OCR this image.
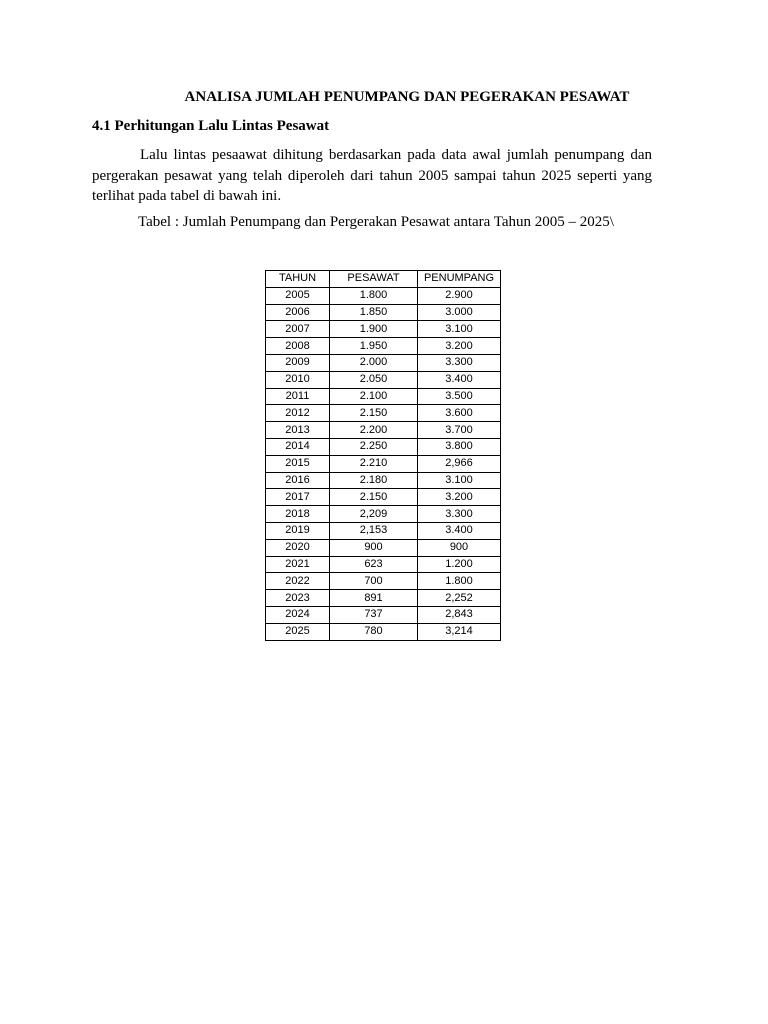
ANALISA JUMLAH PENUMPANG DAN PEGERAKAN PESAWAT
4.1 Perhitungan Lalu Lintas Pesawat

Lalu lintas pesaawat dihitung berdasarkan pada data awal jumlah penumpang dan pergerakan pesawat yang telah diperoleh dari tahun 2005 sampai tahun 2025 seperti yang terlihat pada tabel di bawah ini.

Tabel : Jumlah Penumpang dan Pergerakan Pesawat antara Tahun 2005 – 2025\

TAHUN	PESAWAT	PENUMPANG
2005	1.800	2.900
2006	1.850	3.000
2007	1.900	3.100
2008	1.950	3.200
2009	2.000	3.300
2010	2.050	3.400
2011	2.100	3.500
2012	2.150	3.600
2013	2.200	3.700
2014	2.250	3.800
2015	2.210	2,966
2016	2.180	3.100
2017	2.150	3.200
2018	2,209	3.300
2019	2,153	3.400
2020	900	900
2021	623	1.200
2022	700	1.800
2023	891	2,252
2024	737	2,843
2025	780	3,214
